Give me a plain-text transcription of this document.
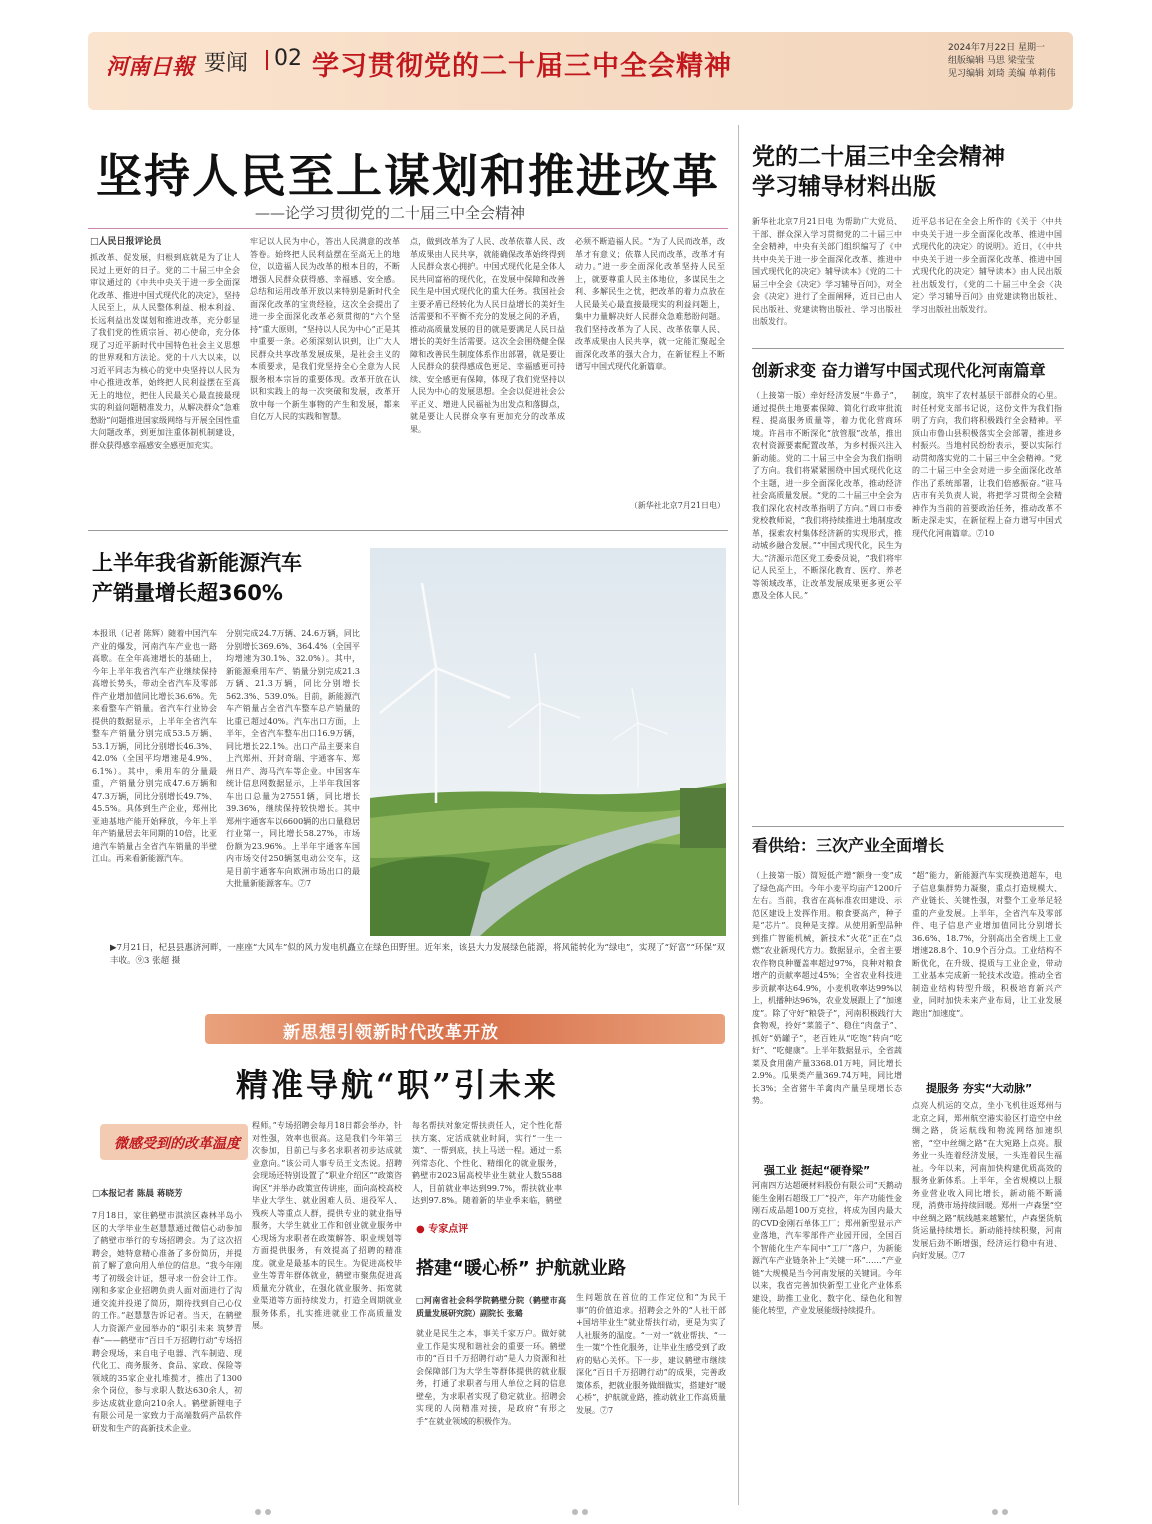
河南日報 要闻 02 学习贯彻党的二十届三中全会精神
2024年7月22日 星期一
组版编辑 马思 梁莹莹
见习编辑 刘琦 美编 单莉伟
坚持人民至上谋划和推进改革
——论学习贯彻党的二十届三中全会精神
□人民日报评论员
抓改革、促发展，归根到底就是为了让人民过上更好的日子。党的二十届三中全会审议通过的《中共中央关于进一步全面深化改革、推进中国式现代化的决定》，坚持人民至上，从人民整体利益、根本利益、长远利益出发谋划和推进改革，充分彰显了我们党的性质宗旨、初心使命，充分体现了习近平新时代中国特色社会主义思想的世界观和方法论。党的十八大以来，以习近平同志为核心的党中央坚持以人民为中心推进改革，始终把人民利益摆在至高无上的地位，把住人民最关心最直接最现实的利益问题精准发力，从解决群众“急难愁盼”问题推进国家级网络与开展全国性重大问题改革，到更加注重体制机制建设，群众获得感幸福感安全感更加充实。
牢记以人民为中心，答出人民满意的改革答卷。始终把人民利益摆在至高无上的地位，以造福人民为改革的根本目的，不断增强人民群众获得感、幸福感、安全感。总结和运用改革开放以来特别是新时代全面深化改革的宝贵经验，这次全会提出了进一步全面深化改革必须贯彻的“六个坚持”重大原则，“坚持以人民为中心”正是其中重要一条。必须深刻认识到，让广大人民群众共享改革发展成果，是社会主义的本质要求，是我们党坚持全心全意为人民服务根本宗旨的重要体现。改革开放在认识和实践上的每一次突破和发展，改革开放中每一个新生事物的产生和发展，都来自亿万人民的实践和智慧。
点，做到改革为了人民、改革依靠人民、改革成果由人民共享，就能确保改革始终得到人民群众衷心拥护。中国式现代化是全体人民共同富裕的现代化，在发展中保障和改善民生是中国式现代化的重大任务。我国社会主要矛盾已经转化为人民日益增长的美好生活需要和不平衡不充分的发展之间的矛盾，推动高质量发展的目的就是要满足人民日益增长的美好生活需要。这次全会围绕健全保障和改善民生制度体系作出部署，就是要让人民群众的获得感成色更足、幸福感更可持续、安全感更有保障，体现了我们党坚持以人民为中心的发展思想。全会以促进社会公平正义、增进人民福祉为出发点和落脚点，就是要让人民群众享有更加充分的改革成果。
必须不断造福人民。“为了人民而改革，改革才有意义；依靠人民而改革，改革才有动力。”进一步全面深化改革坚持人民至上，就要尊重人民主体地位，多谋民生之利、多解民生之忧，把改革的着力点放在人民最关心最直接最现实的利益问题上，集中力量解决好人民群众急难愁盼问题。我们坚持改革为了人民、改革依靠人民、改革成果由人民共享，就一定能汇聚起全面深化改革的强大合力，在新征程上不断谱写中国式现代化新篇章。
（新华社北京7月21日电）
党的二十届三中全会精神
学习辅导材料出版
新华社北京7月21日电 为帮助广大党员、干部、群众深入学习贯彻党的二十届三中全会精神，中央有关部门组织编写了《中共中央关于进一步全面深化改革、推进中国式现代化的决定》辅导读本》《党的二十届三中全会《决定》学习辅导百问》，对全会《决定》进行了全面阐释，近日已由人民出版社、党建读物出版社、学习出版社出版发行。
近平总书记在全会上所作的《关于〈中共中央关于进一步全面深化改革、推进中国式现代化的决定〉的说明》。近日，《〈中共中央关于进一步全面深化改革、推进中国式现代化的决定〉辅导读本》由人民出版社出版发行，《党的二十届三中全会〈决定〉学习辅导百问》由党建读物出版社、学习出版社出版发行。
创新求变 奋力谱写中国式现代化河南篇章
（上接第一版）牵好经济发展“牛鼻子”，通过提供土地要素保障、简化行政审批流程、提高服务质量等，着力优化营商环境。许昌市不断深化“放管服”改革，推出农村资源要素配置改革，为乡村振兴注入新动能。党的二十届三中全会为我们指明了方向。我们将紧紧围绕中国式现代化这个主题，进一步全面深化改革，推动经济社会高质量发展。“党的二十届三中全会为我们深化农村改革指明了方向。”周口市委党校教师说，“我们将持续推进土地制度改革，探索农村集体经济新的实现形式，推动城乡融合发展。”“中国式现代化，民生为大。”济源示范区党工委委员说，“我们将牢记人民至上，不断深化教育、医疗、养老等领域改革，让改革发展成果更多更公平惠及全体人民。”
制度，筑牢了农村基层干部群众的心里。时任村党支部书记说，这份文件为我们指明了方向，我们将积极践行全会精神。平顶山市鲁山县积极落实全会部署，推进乡村振兴。当地村民纷纷表示，要以实际行动贯彻落实党的二十届三中全会精神。“党的二十届三中全会对进一步全面深化改革作出了系统部署，让我们倍感振奋。”驻马店市有关负责人说，将把学习贯彻全会精神作为当前的首要政治任务，推动改革不断走深走实，在新征程上奋力谱写中国式现代化河南篇章。⑦10
看供给：三次产业全面增长
（上接第一版）简短低产增“额身一变”成了绿色高产田。今年小麦平均亩产1200斤左右。当前，我省在高标准农田建设、示范区建设上发挥作用。粮食要高产，种子是“芯片”。良种是支撑。从使用新型品种到推广智能机械，新技术“火花”正在“点燃”农业新现代方力。数据显示，全省主要农作物良种覆盖率超过97%，良种对粮食增产的贡献率超过45%；全省农业科技进步贡献率达64.9%，小麦机收率达99%以上，机播种达96%，农业发展跟上了“加速度”。除了守好“粮袋子”，河南积极践行大食物观，拎好“菜篮子”、稳住“肉盘子”、抓好“奶罐子”，老百姓从“吃饱”转向“吃好”、“吃健康”。上半年数据显示，全省蔬菜及食用菌产量3368.01万吨，同比增长2.9%。瓜果类产量369.74万吨，同比增长3%；全省猪牛羊禽肉产量呈现增长态势。
强工业 挺起“硬脊梁”
河南四方达超硬材料股份有限公司“天鹅动能生金刚石超级工厂”投产，年产功能性金刚石成品超100万克拉，将成为国内最大的CVD金刚石单体工厂；郑州新型显示产业落地，汽车零部件产业园开园，全国百个智能化生产车间中“工厂”落户，为新能源汽车产业链条补上“关键一环”……“产业链”大规模是当今河南发展的关键词。今年以来，我省完善加快新型工业化产业体系建设，助推工业化、数字化、绿色化和智能化转型，产业发展能级持续提升。
“超”能力，新能源汽车实现换道超车，电子信息集群势力凝聚，重点打造规模大、产业链长、关键性强，对整个工业举足轻重的产业发展。上半年，全省汽车及零部件、电子信息产业增加值同比分别增长36.6%、18.7%，分别高出全省规上工业增速28.8个、10.9个百分点。工业结构不断优化，在升级、提质与工业企业，带动工业基本完成新一轮技术改造。推动全省制造业结构转型升级，积极培育新兴产业，同时加快未来产业布局，让工业发展跑出“加速度”。
提服务 夯实“大动脉”
点亮人机运的交点，坐小飞机往返郑州与北京之间，郑州航空港实验区打造空中丝绸之路，货运航线和物流网络加速织密，“空中丝绸之路”在大宛路上点亮。服务业一头连着经济发展，一头连着民生福祉。今年以来，河南加快构建优质高效的服务业新体系。上半年，全省规模以上服务业营业收入同比增长，新动能不断涌现，消费市场持续回暖。郑州一卢森堡“空中丝绸之路”航线越来越繁忙，卢森堡货航货运量持续增长。新动能持续积聚，河南发展后劲不断增强，经济运行稳中有进、向好发展。⑦7
上半年我省新能源汽车
产销量增长超360%
本报讯（记者 陈辉）随着中国汽车产业的爆发，河南汽车产业也一路高歌。在全年高速增长的基础上，今年上半年我省汽车产业继续保持高增长势头，带动全省汽车及零部件产业增加值同比增长36.6%。先来看整车产销量。省汽车行业协会提供的数据显示，上半年全省汽车整车产销量分别完成53.5万辆、53.1万辆，同比分别增长46.3%、42.0%（全国平均增速是4.9%、6.1%）。其中，乘用车的分量最重，产销量分别完成47.6万辆和47.3万辆，同比分别增长49.7%、45.5%。具体到生产企业，郑州比亚迪基地产能开始释放，今年上半年产销量居去年同期的10倍，比亚迪汽车销量占全省汽车销量的半壁江山。再来看新能源汽车。
分别完成24.7万辆、24.6万辆，同比分别增长369.6%、364.4%（全国平均增速为30.1%、32.0%）。其中，新能源乘用车产、销量分别完成21.3万辆、21.3万辆，同比分别增长562.3%、539.0%。目前，新能源汽车产销量占全省汽车整车总产销量的比重已超过40%。汽车出口方面，上半年，全省汽车整车出口16.9万辆，同比增长22.1%。出口产品主要来自上汽郑州、开封奇瑞、宇通客车、郑州日产、海马汽车等企业。中国客车统计信息网数据显示，上半年我国客车出口总量为27551辆，同比增长39.36%，继续保持较快增长。其中郑州宇通客车以6600辆的出口量稳居行业第一，同比增长58.27%，市场份额为23.96%。上半年宇通客车国内市场交付250辆氢电动公交车，这是目前宇通客车向欧洲市场出口的最大批量新能源客车。⑦7
▶7月21日，杞县县惠济河畔，一座座“大风车”似的风力发电机矗立在绿色田野里。近年来，该县大力发展绿色能源，将风能转化为“绿电”，实现了“好富”“环保”双丰收。⑨3 张超 摄
新思想引领新时代改革开放
精准导航“职”引未来
微感受到的改革温度
□本报记者 陈晨 蒋晓芳
7月18日，家住鹤壁市淇滨区森林半岛小区的大学毕业生赵慧慧通过微信心动参加了鹤壁市举行的专场招聘会。为了这次招聘会，她特意精心准备了多份简历，并提前了解了意向用人单位的信息。“我今年刚考了初级会计证，想寻求一份会计工作。刚和多家企业招聘负责人面对面进行了沟通交流并投递了简历，期待找到自己心仪的工作。”赵慧慧告诉记者。当天，在鹤壁人力资源产业园举办的“职引未来 筑梦青春”——鹤壁市“百日千万招聘行动”专场招聘会现场，来自电子电器、汽车制造、现代化工、商务服务、食品、家政、保险等领域的35家企业扎堆揽才，推出了1300余个岗位，参与求职人数达630余人，初步达成就业意向210余人。鹤壁新锂电子有限公司是一家致力于高端数码产品软件研发和生产的高新技术企业。
程师。”专场招聘会每月18日都会举办，针对性强，效率也很高。这是我们今年第三次参加，目前已与多名求职者初步达成就业意向。”该公司人事专员王文杰说。招聘会现场还特别设置了“职业介绍区”“政策咨询区”并举办政策宣传讲座，面向高校高校毕业大学生、就业困难人员、退役军人、残疾人等重点人群，提供专业的就业指导服务，大学生就业工作和创业就业服务中心现场为求职者在政策解答、职业规划等方面提供服务，有效提高了招聘的精准度。就业是最基本的民生。为促进高校毕业生等青年群体就业，鹤壁市聚焦促进高质量充分就业，在强化就业服务、拓宽就业渠道等方面持续发力，打造全周期就业服务体系，扎实推进就业工作高质量发展。
每名帮扶对象定帮扶责任人，定个性化帮扶方案、定活成就业时间，实行“一生一策”、一帮到底，扶上马送一程。通过一系列常态化、个性化、精细化的就业服务，鹤壁市2023届高校毕业生就业人数5588人，目前就业率达到99.7%，帮扶就业率达到97.8%。随着新的毕业季来临，鹤壁
● 专家点评
搭建“暖心桥” 护航就业路
□河南省社会科学院鹤壁分院（鹤壁市高质量发展研究院）副院长 张璐
就业是民生之本，事关千家万户。做好就业工作是实现和谐社会的重要一环。鹤壁市的“百日千万招聘行动”是人力资源和社会保障部门为大学生等群体提供的就业服务，打通了求职者与用人单位之间的信息壁垒，为求职者实现了稳定就业。招聘会实现的人岗精准对接，是政府“有形之手”在就业领域的积极作为。
生问题放在首位的工作定位和“为民干事”的价值追求。招聘会之外的“人社干部+国培毕业生”就业帮扶行动，更是为实了人社服务的温度。“一对一”就业帮扶、“一生一策”个性化服务，让毕业生感受到了政府的贴心关怀。下一步，建议鹤壁市继续深化“百日千万招聘行动”的成果，完善政策体系，把就业服务做细做实，搭建好“暖心桥”，护航就业路，推动就业工作高质量发展。⑦7
